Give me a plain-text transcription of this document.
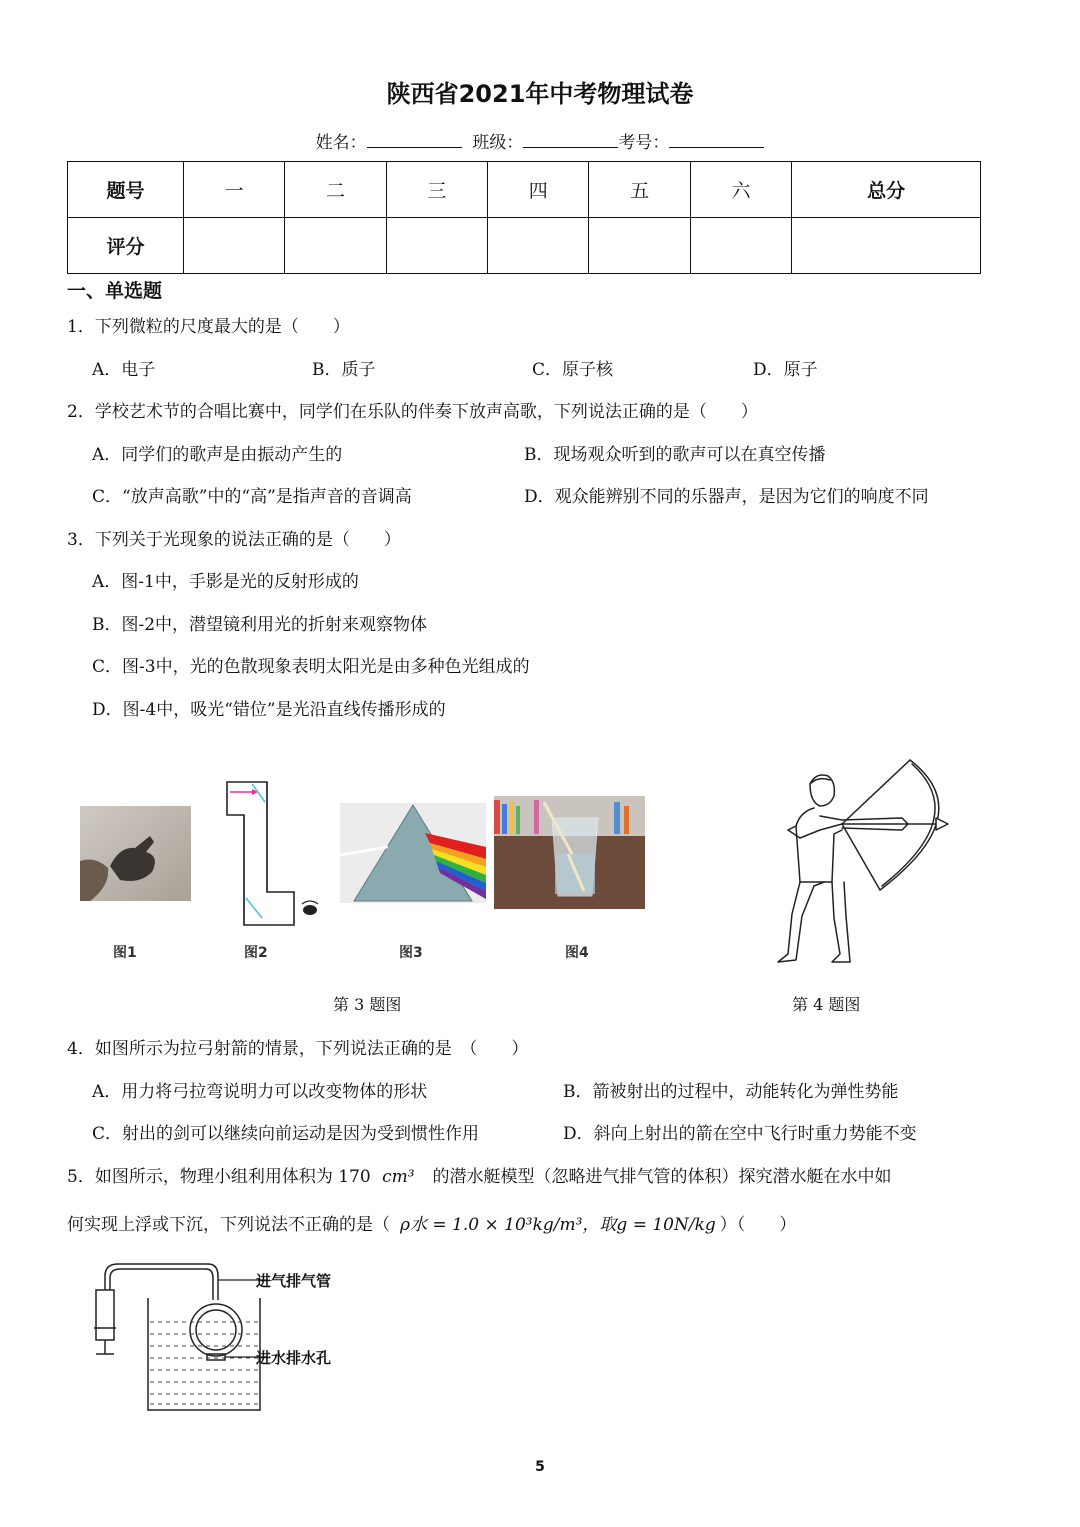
陕西省2021年中考物理试卷
姓名：	班级：	考号：
题号	一	二	三	四	五	六	总分
评分							
一、单选题
1．下列微粒的尺度最大的是（　　）
A．电子	B．质子	C．原子核	D．原子
2．学校艺术节的合唱比赛中，同学们在乐队的伴奏下放声高歌，下列说法正确的是（　　）
A．同学们的歌声是由振动产生的	B．现场观众听到的歌声可以在真空传播
C．“放声高歌”中的“高”是指声音的音调高	D．观众能辨别不同的乐器声，是因为它们的响度不同
3．下列关于光现象的说法正确的是（　　）
A．图-1中，手影是光的反射形成的
B．图-2中，潜望镜利用光的折射来观察物体
C．图-3中，光的色散现象表明太阳光是由多种色光组成的
D．图-4中，吸光“错位”是光沿直线传播形成的
图1	图2	图3	图4
第 3 题图	第 4 题图
4．如图所示为拉弓射箭的情景，下列说法正确的是　（　　）
A．用力将弓拉弯说明力可以改变物体的形状	B．箭被射出的过程中，动能转化为弹性势能
C．射出的剑可以继续向前运动是因为受到惯性作用	D．斜向上射出的箭在空中飞行时重力势能不变
5．如图所示，物理小组利用体积为 170 cm³ 的潜水艇模型（忽略进气排气管的体积）探究潜水艇在水中如
何实现上浮或下沉，下列说法不正确的是（ ρ水 = 1.0 × 10³kg/m³，取g = 10N/kg ）（　　）
进气排气管
进水排水孔
5
